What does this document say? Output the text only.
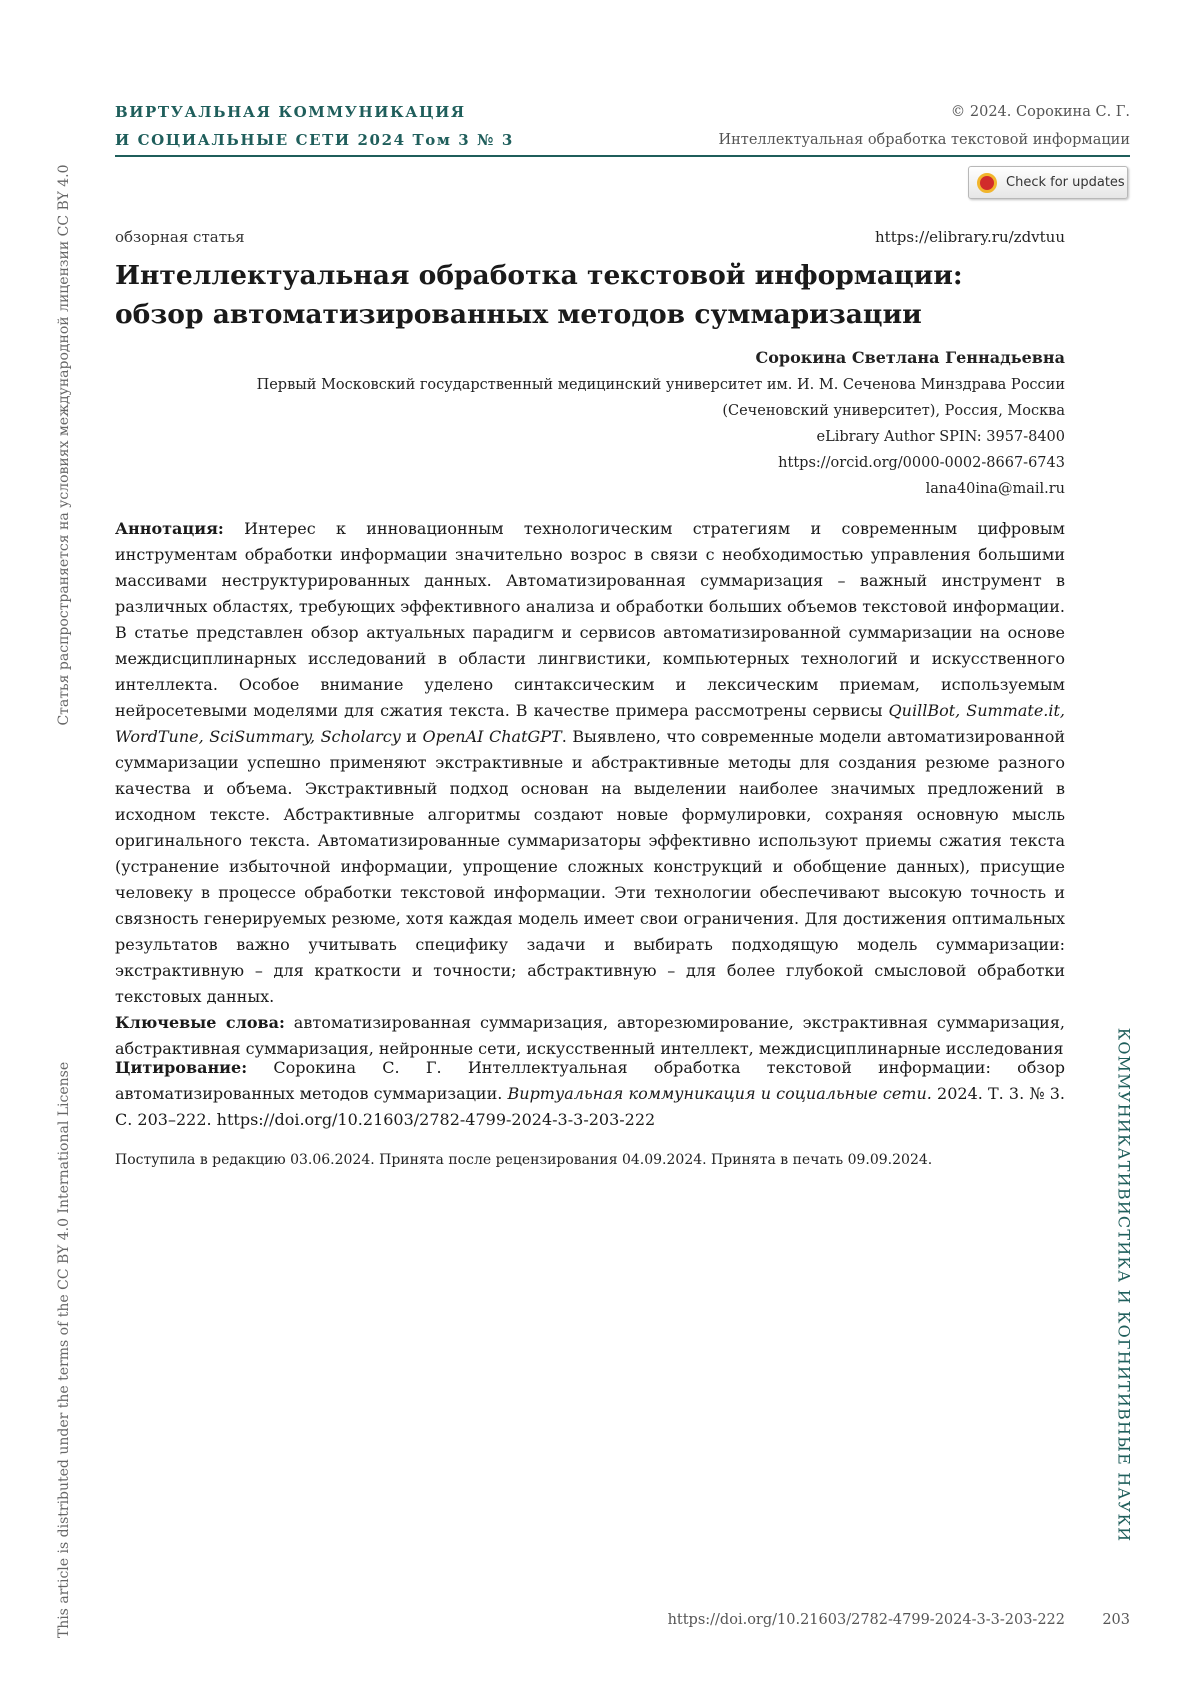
ВИРТУАЛЬНАЯ КОММУНИКАЦИЯ
И СОЦИАЛЬНЫЕ СЕТИ 2024 Том 3 № 3
© 2024. Сорокина С. Г.
Интеллектуальная обработка текстовой информации
Check for updates
обзорная статья	https://elibrary.ru/zdvtuu
Интеллектуальная обработка текстовой информации:
обзор автоматизированных методов суммаризации
Сорокина Светлана Геннадьевна
Первый Московский государственный медицинский университет им. И. М. Сеченова Минздрава России
(Сеченовский университет), Россия, Москва
eLibrary Author SPIN: 3957-8400
https://orcid.org/0000-0002-8667-6743
lana40ina@mail.ru

Аннотация: Интерес к инновационным технологическим стратегиям и современным цифровым инструментам обработки информации значительно возрос в связи с необходимостью управления большими массивами неструктурированных данных. Автоматизированная суммаризация – важный инструмент в различных областях, требующих эффективного анализа и обработки больших объемов текстовой информации. В статье представлен обзор актуальных парадигм и сервисов автоматизированной суммаризации на основе междисциплинарных исследований в области лингвистики, компьютерных технологий и искусственного интеллекта. Особое внимание уделено синтаксическим и лексическим приемам, используемым нейросетевыми моделями для сжатия текста. В качестве примера рассмотрены сервисы QuillBot, Summate.it, WordTune, SciSummary, Scholarcy и OpenAI ChatGPT. Выявлено, что современные модели автоматизированной суммаризации успешно применяют экстрактивные и абстрактивные методы для создания резюме разного качества и объема. Экстрактивный подход основан на выделении наиболее значимых предложений в исходном тексте. Абстрактивные алгоритмы создают новые формулировки, сохраняя основную мысль оригинального текста. Автоматизированные суммаризаторы эффективно используют приемы сжатия текста (устранение избыточной информации, упрощение сложных конструкций и обобщение данных), присущие человеку в процессе обработки текстовой информации. Эти технологии обеспечивают высокую точность и связность генерируемых резюме, хотя каждая модель имеет свои ограничения. Для достижения оптимальных результатов важно учитывать специфику задачи и выбирать подходящую модель суммаризации: экстрактивную – для краткости и точности; абстрактивную – для более глубокой смысловой обработки текстовых данных.

Ключевые слова: автоматизированная суммаризация, авторезюмирование, экстрактивная суммаризация, абстрактивная суммаризация, нейронные сети, искусственный интеллект, междисциплинарные исследования

Цитирование: Сорокина С. Г. Интеллектуальная обработка текстовой информации: обзор автоматизированных методов суммаризации. Виртуальная коммуникация и социальные сети. 2024. Т. 3. № 3. С. 203–222. https://doi.org/10.21603/2782-4799-2024-3-3-203-222

Поступила в редакцию 03.06.2024. Принята после рецензирования 04.09.2024. Принята в печать 09.09.2024.
https://doi.org/10.21603/2782-4799-2024-3-3-203-222	203
Статья распространяется на условиях международной лицензии CC BY 4.0
This article is distributed under the terms of the CC BY 4.0 International License	КОММУНИКАТИВИСТИКА И КОГНИТИВНЫЕ НАУКИ
